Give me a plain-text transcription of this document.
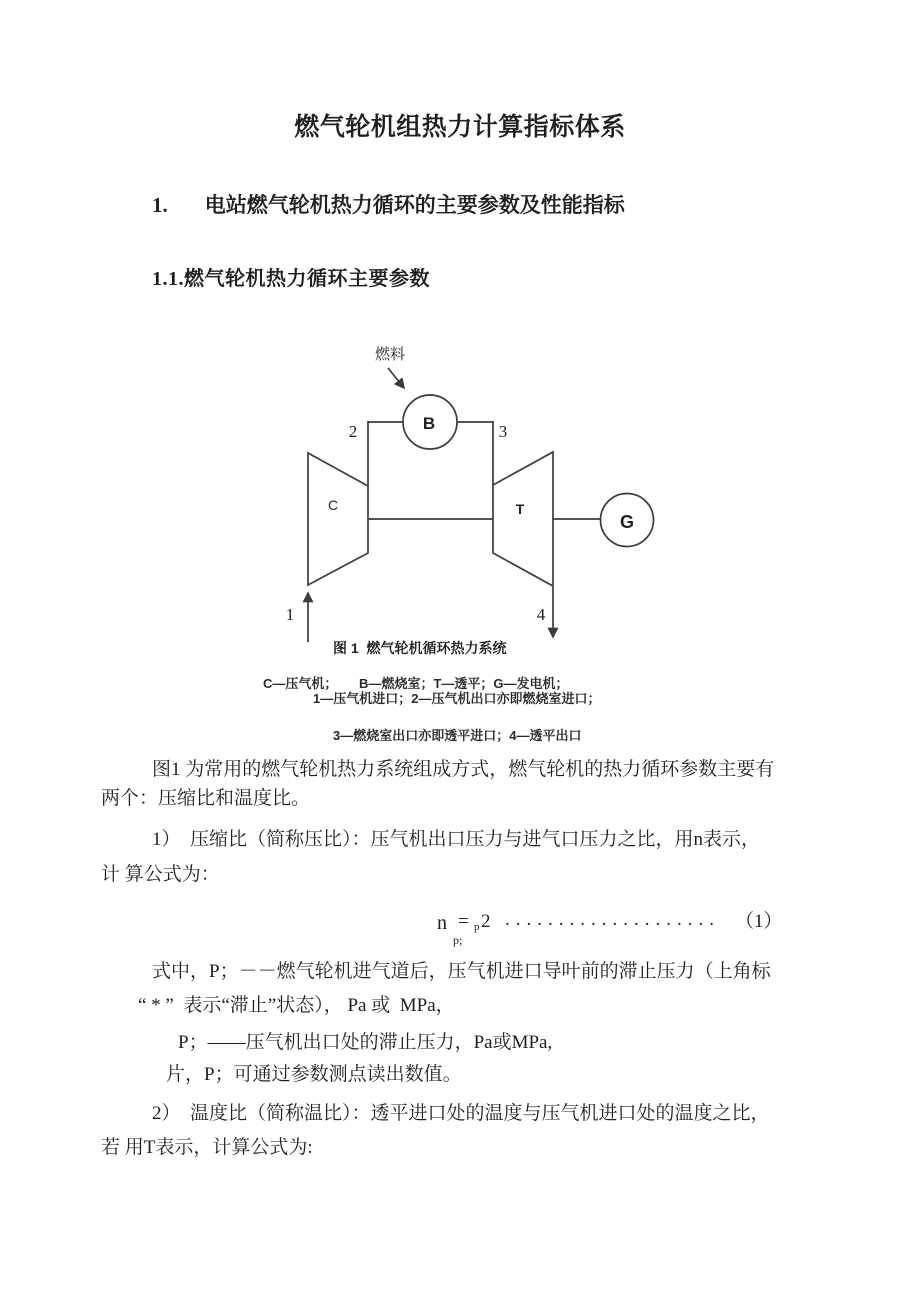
燃气轮机组热力计算指标体系
1. 电站燃气轮机热力循环的主要参数及性能指标
1.1.燃气轮机热力循环主要参数
燃料
2	3
B
C	T
G
1	4
图 1  燃气轮机循环热力系统
C—压气机；      B—燃烧室；T—透平；G—发电机；
1—压气机进口；2—压气机出口亦即燃烧室进口；
3—燃烧室出口亦即透平进口；4—透平出口
图1 为常用的燃气轮机热力系统组成方式，燃气轮机的热力循环参数主要有
两个：压缩比和温度比。
1）  压缩比（简称压比）：压气机出口压力与进气口压力之比，用n表示，
计 算公式为：
n = p 2
p;
.................... （1）
式中，P；－－燃气轮机进气道后，压气机进口导叶前的滞止压力（上角标
“ * ”  表示“滞止”状态）， Pa 或  MPa，
P；——压气机出口处的滞止压力，Pa或MPa,
片，P；可通过参数测点读出数值。
2）  温度比（简称温比）：透平进口处的温度与压气机进口处的温度之比，
若 用T表示，计算公式为:
